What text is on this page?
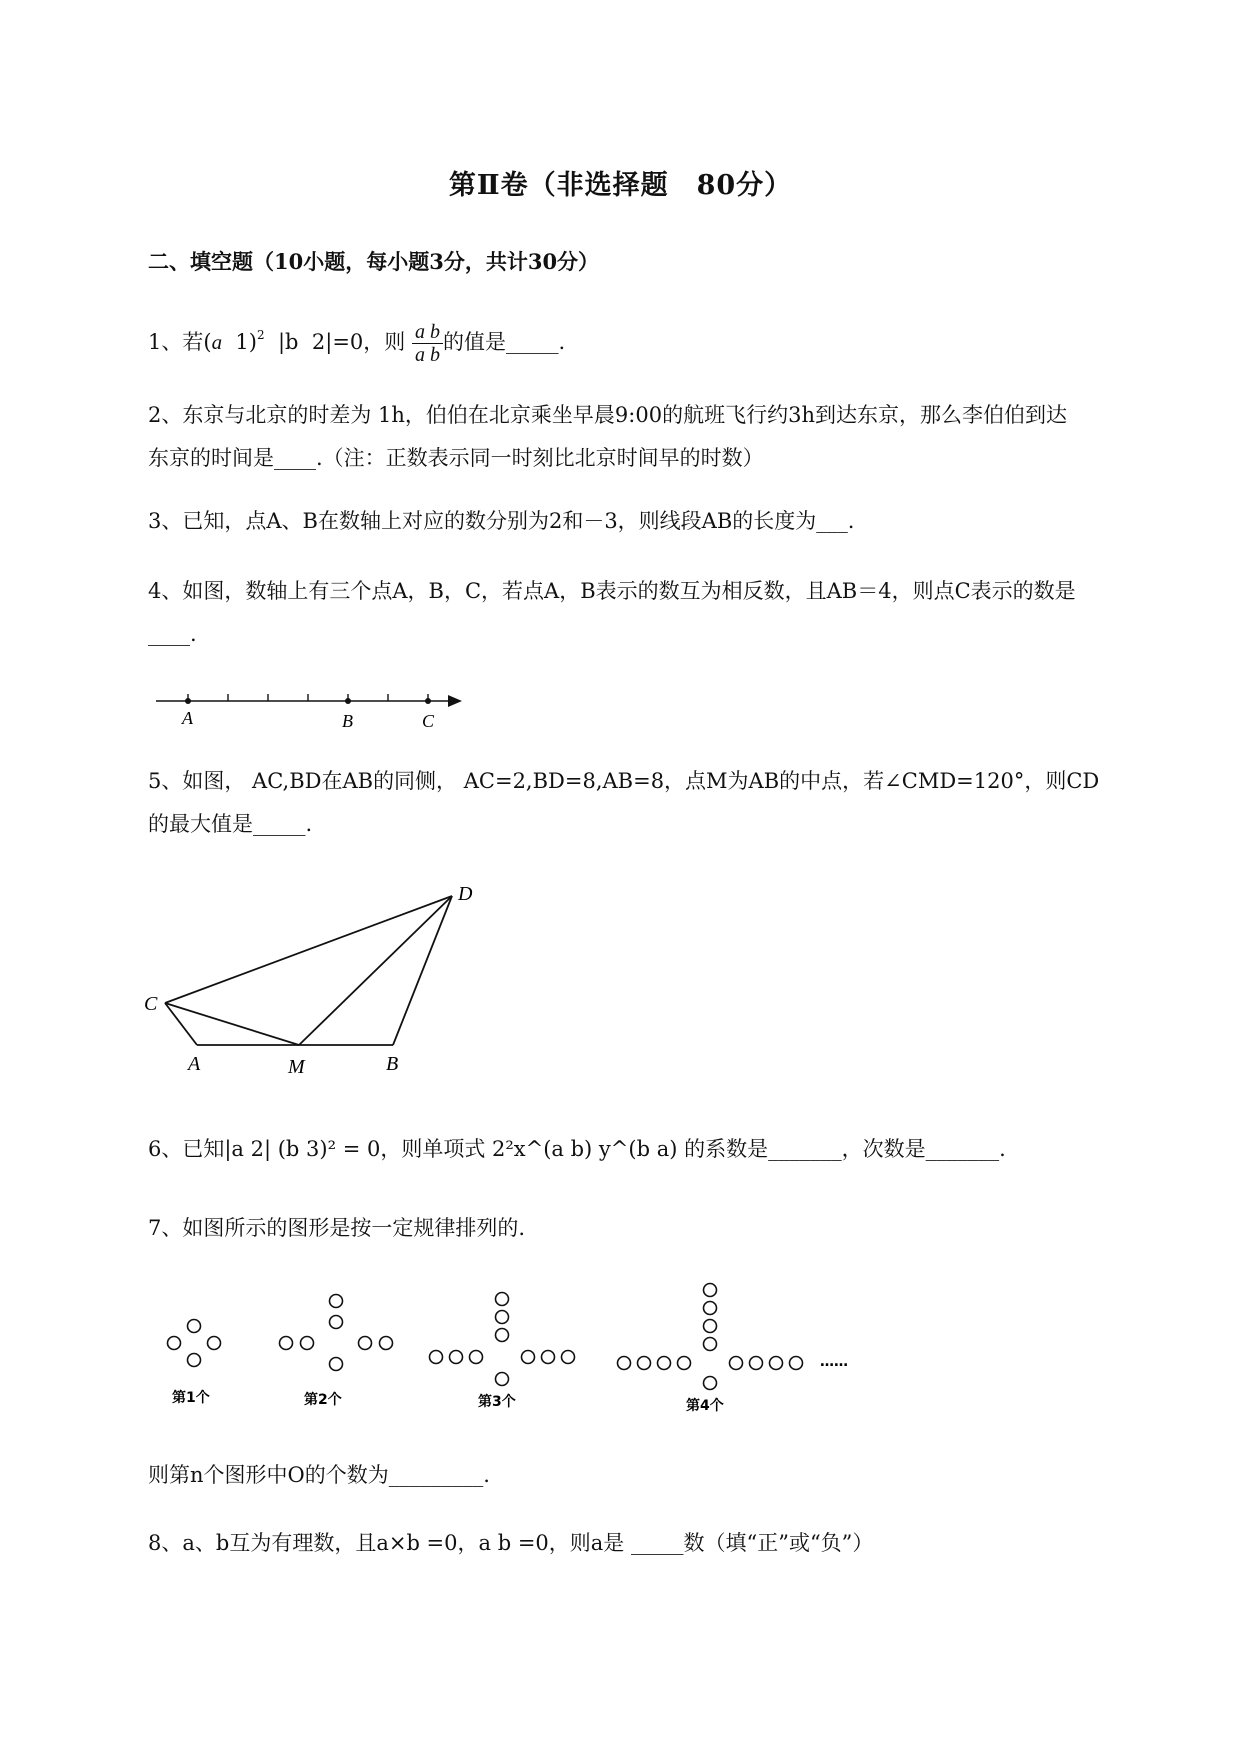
第Ⅱ卷（非选择题　80分）
二、填空题（10小题，每小题3分，共计30分）
1、若(a 1)$^2$ |b 2|=0，则 $\frac{\text{a b}}{\text{a b}}$ 的值是_____.
2、东京与北京的时差为 1h，伯伯在北京乘坐早晨9:00的航班飞行约3h到达东京，那么李伯伯到达
东京的时间是____.（注：正数表示同一时刻比北京时间早的时数）
3、已知，点A、B在数轴上对应的数分别为2和－3，则线段AB的长度为___.
4、如图，数轴上有三个点A，B，C，若点A，B表示的数互为相反数，且AB＝4，则点C表示的数是
____.
A	B	C
5、如图， AC,BD在AB的同侧， AC=2,BD=8,AB=8，点M为AB的中点，若∠CMD=120°，则CD
的最大值是_____.
C
A	M	B
D
6、已知|a 2| (b 3)² = 0，则单项式 2²x^(a b) y^(b a) 的系数是_______，次数是_______.
7、如图所示的图形是按一定规律排列的.
……
第1个	第2个	第3个	第4个
则第n个图形中O的个数为_________.
8、a、b互为有理数，且a×b =0，a b =0，则a是 _____数（填“正”或“负”）
